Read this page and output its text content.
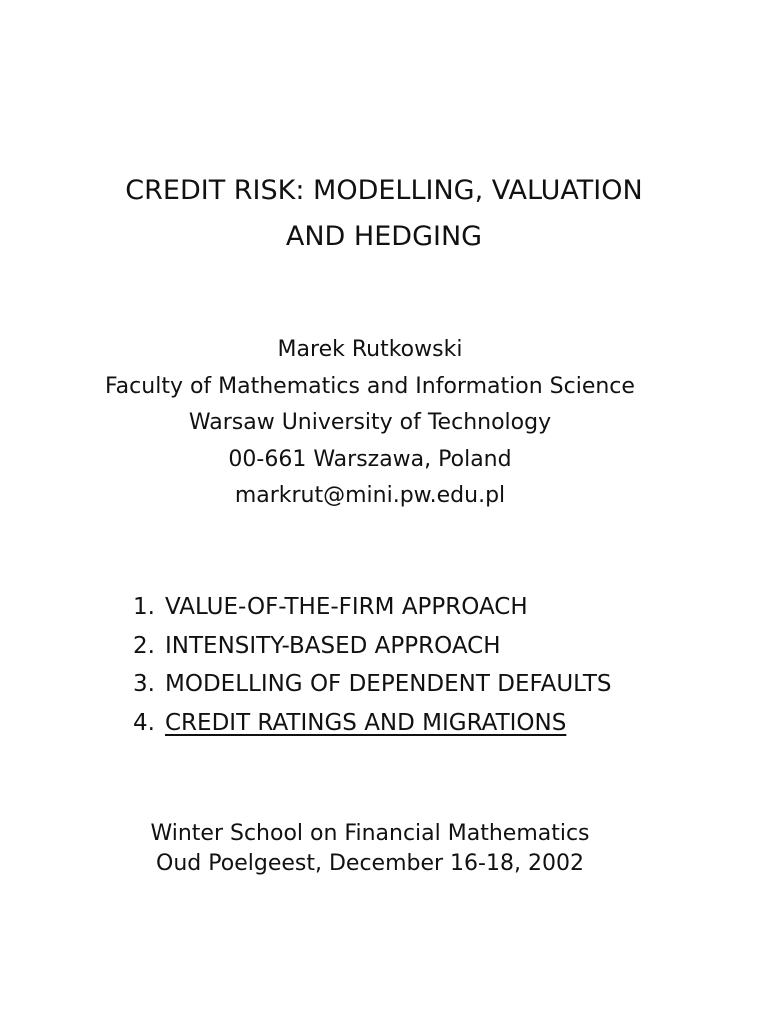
CREDIT RISK: MODELLING, VALUATION
AND HEDGING
Marek Rutkowski
Faculty of Mathematics and Information Science
Warsaw University of Technology
00-661 Warszawa, Poland
markrut@mini.pw.edu.pl
1. VALUE-OF-THE-FIRM APPROACH
2. INTENSITY-BASED APPROACH
3. MODELLING OF DEPENDENT DEFAULTS
4. CREDIT RATINGS AND MIGRATIONS
Winter School on Financial Mathematics
Oud Poelgeest, December 16-18, 2002
